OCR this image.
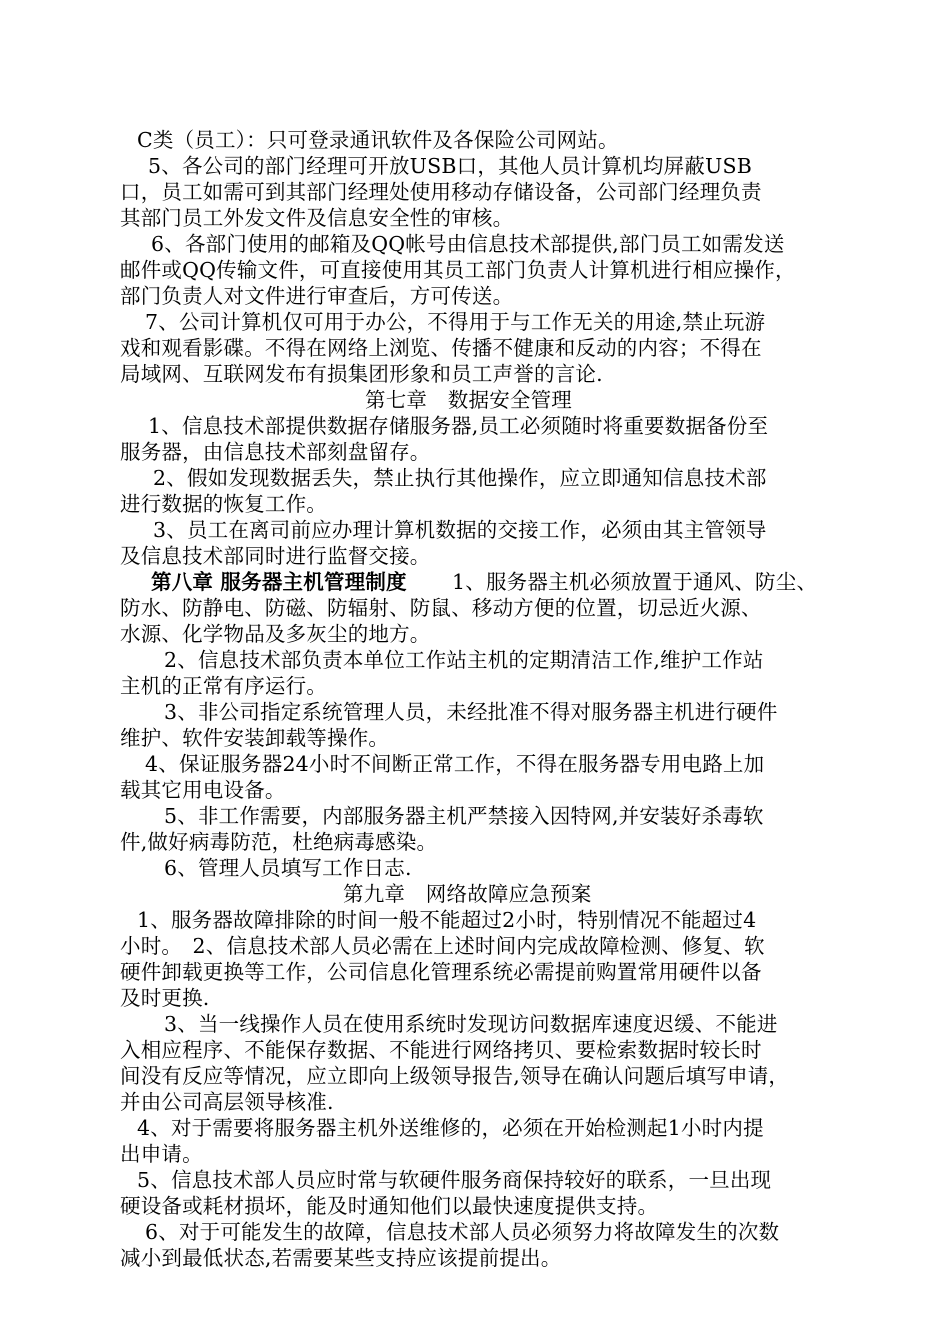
C类（员工）：只可登录通讯软件及各保险公司网站。
5、各公司的部门经理可开放USB口，其他人员计算机均屏蔽USB
口，员工如需可到其部门经理处使用移动存储设备，公司部门经理负责
其部门员工外发文件及信息安全性的审核。
6、各部门使用的邮箱及QQ帐号由信息技术部提供,部门员工如需发送
邮件或QQ传输文件，可直接使用其员工部门负责人计算机进行相应操作，
部门负责人对文件进行审查后，方可传送。
7、公司计算机仅可用于办公，不得用于与工作无关的用途,禁止玩游
戏和观看影碟。不得在网络上浏览、传播不健康和反动的内容；不得在
局域网、互联网发布有损集团形象和员工声誉的言论.
第七章　数据安全管理
1、信息技术部提供数据存储服务器,员工必须随时将重要数据备份至
服务器，由信息技术部刻盘留存。
2、假如发现数据丢失，禁止执行其他操作，应立即通知信息技术部
进行数据的恢复工作。
3、员工在离司前应办理计算机数据的交接工作，必须由其主管领导
及信息技术部同时进行监督交接。
第八章 服务器主机管理制度 1、服务器主机必须放置于通风、防尘、
防水、防静电、防磁、防辐射、防鼠、移动方便的位置，切忌近火源、
水源、化学物品及多灰尘的地方。
2、信息技术部负责本单位工作站主机的定期清洁工作,维护工作站
主机的正常有序运行。
3、非公司指定系统管理人员，未经批准不得对服务器主机进行硬件
维护、软件安装卸载等操作。
4、保证服务器24小时不间断正常工作，不得在服务器专用电路上加
载其它用电设备。
5、非工作需要，内部服务器主机严禁接入因特网,并安装好杀毒软
件,做好病毒防范，杜绝病毒感染。
6、管理人员填写工作日志.
第九章　网络故障应急预案
1、服务器故障排除的时间一般不能超过2小时，特别情况不能超过4
小时。　2、信息技术部人员必需在上述时间内完成故障检测、修复、软
硬件卸载更换等工作，公司信息化管理系统必需提前购置常用硬件以备
及时更换.
3、当一线操作人员在使用系统时发现访问数据库速度迟缓、不能进
入相应程序、不能保存数据、不能进行网络拷贝、要检索数据时较长时
间没有反应等情况，应立即向上级领导报告,领导在确认问题后填写申请，
并由公司高层领导核准.
4、对于需要将服务器主机外送维修的，必须在开始检测起1小时内提
出申请。
5、信息技术部人员应时常与软硬件服务商保持较好的联系，一旦出现
硬设备或耗材损坏，能及时通知他们以最快速度提供支持。
6、对于可能发生的故障，信息技术部人员必须努力将故障发生的次数
减小到最低状态,若需要某些支持应该提前提出。
